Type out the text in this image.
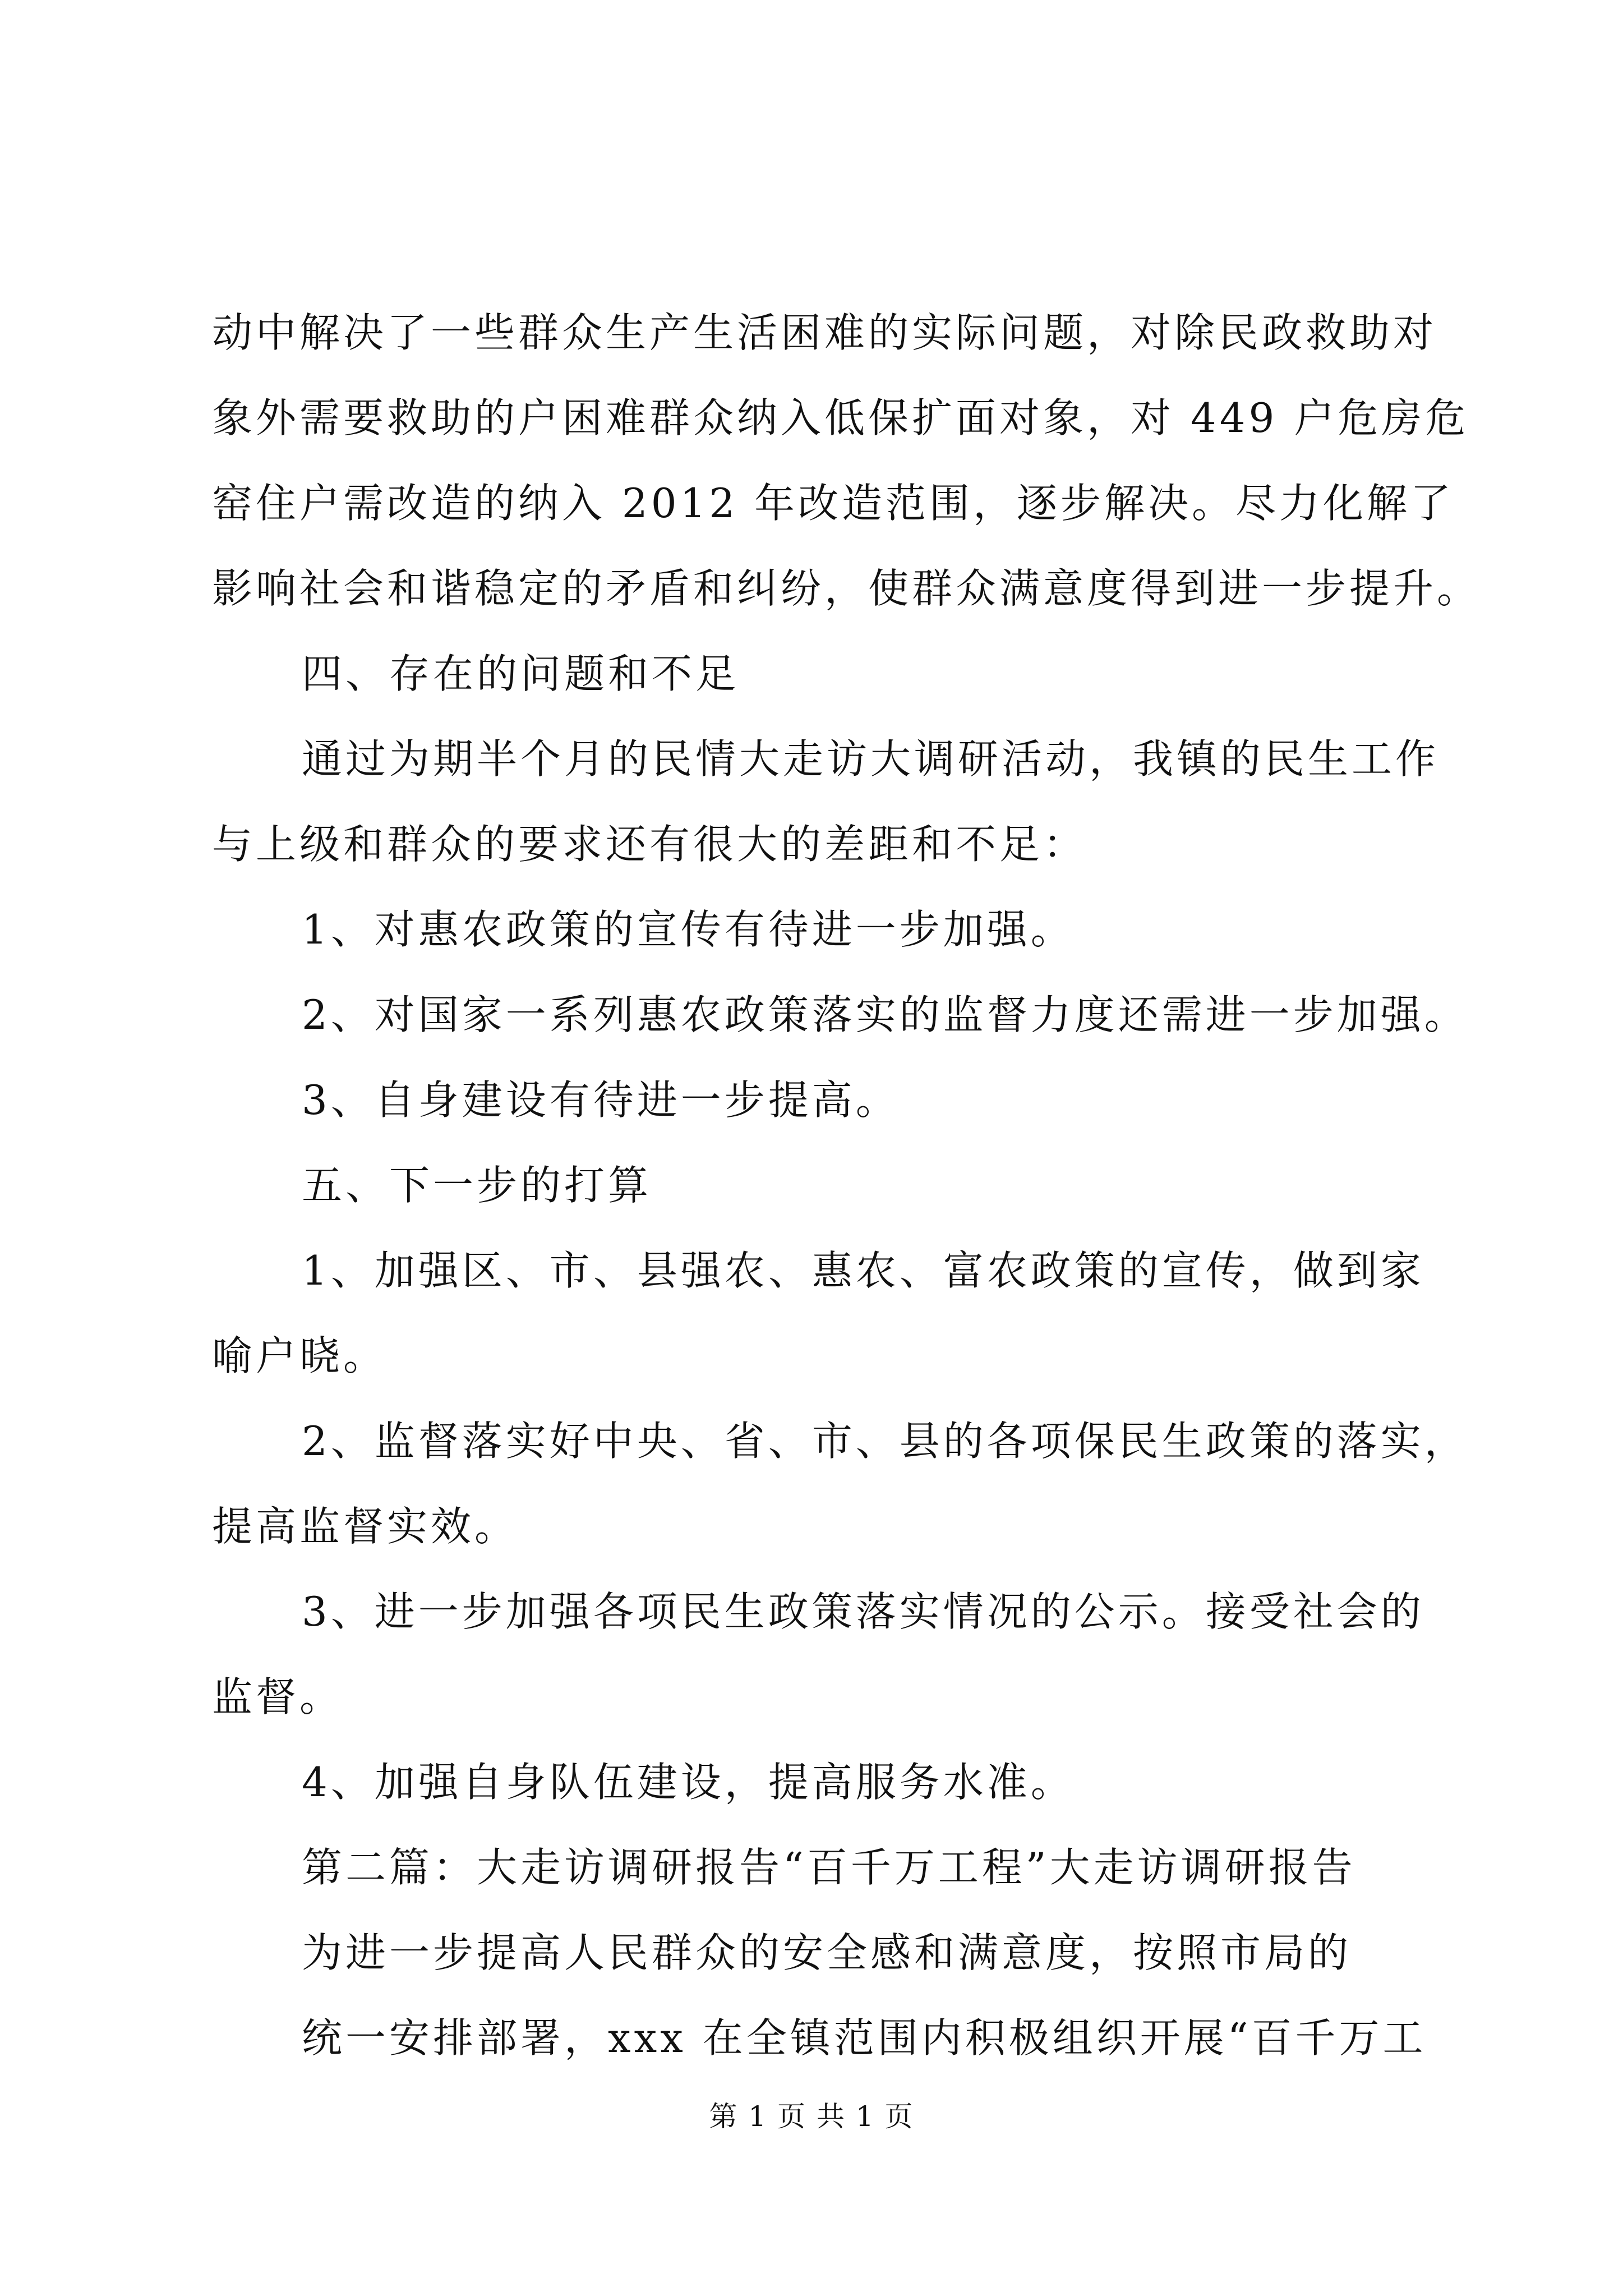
动中解决了一些群众生产生活困难的实际问题，对除民政救助对
象外需要救助的户困难群众纳入低保扩面对象，对 449 户危房危
窑住户需改造的纳入 2012 年改造范围，逐步解决。尽力化解了
影响社会和谐稳定的矛盾和纠纷，使群众满意度得到进一步提升。
四、存在的问题和不足
通过为期半个月的民情大走访大调研活动，我镇的民生工作
与上级和群众的要求还有很大的差距和不足：
1、对惠农政策的宣传有待进一步加强。
2、对国家一系列惠农政策落实的监督力度还需进一步加强。
3、自身建设有待进一步提高。
五、下一步的打算
1、加强区、市、县强农、惠农、富农政策的宣传，做到家
喻户晓。
2、监督落实好中央、省、市、县的各项保民生政策的落实，
提高监督实效。
3、进一步加强各项民生政策落实情况的公示。接受社会的
监督。
4、加强自身队伍建设，提高服务水准。
第二篇：大走访调研报告“百千万工程”大走访调研报告
为进一步提高人民群众的安全感和满意度，按照市局的
统一安排部署，xxx 在全镇范围内积极组织开展“百千万工
第 1 页 共 1 页
